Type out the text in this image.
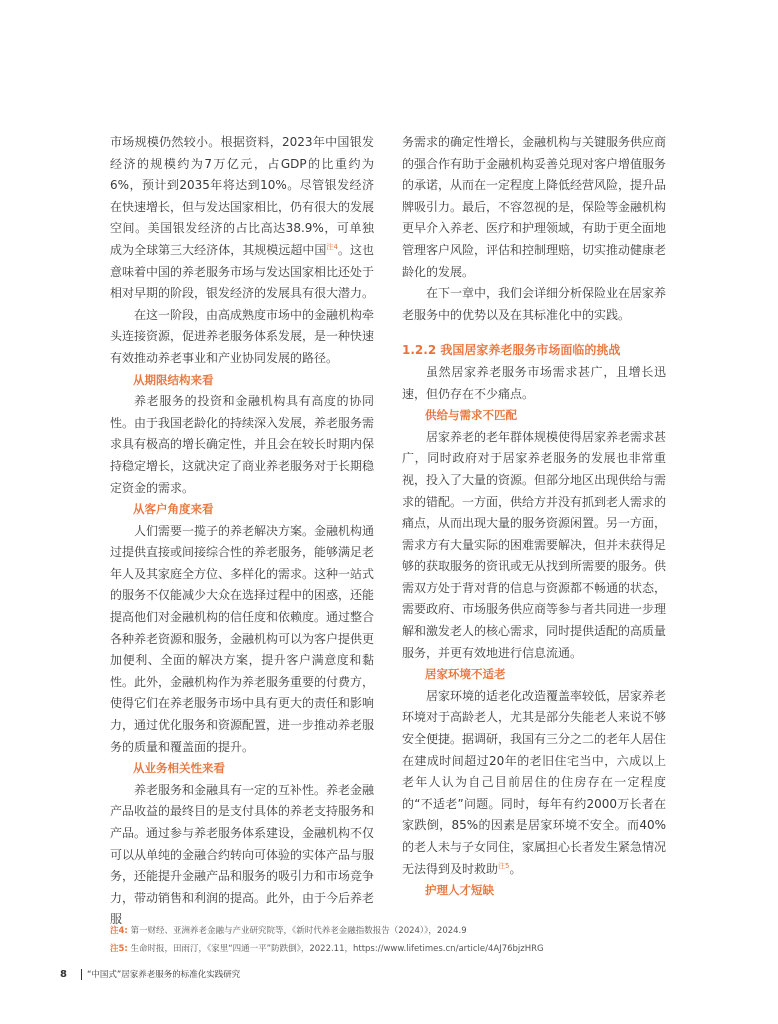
市场规模仍然较小。根据资料，2023年中国银发经济的规模约为7万亿元，占GDP的比重约为6%，预计到2035年将达到10%。尽管银发经济在快速增长，但与发达国家相比，仍有很大的发展空间。美国银发经济的占比高达38.9%，可单独成为全球第三大经济体，其规模远超中国$^{注4}$。这也意味着中国的养老服务市场与发达国家相比还处于相对早期的阶段，银发经济的发展具有很大潜力。

在这一阶段，由高成熟度市场中的金融机构牵头连接资源，促进养老服务体系发展，是一种快速有效推动养老事业和产业协同发展的路径。

从期限结构来看

养老服务的投资和金融机构具有高度的协同性。由于我国老龄化的持续深入发展，养老服务需求具有极高的增长确定性，并且会在较长时期内保持稳定增长，这就决定了商业养老服务对于长期稳定资金的需求。

从客户角度来看

人们需要一揽子的养老解决方案。金融机构通过提供直接或间接综合性的养老服务，能够满足老年人及其家庭全方位、多样化的需求。这种一站式的服务不仅能减少大众在选择过程中的困惑，还能提高他们对金融机构的信任度和依赖度。通过整合各种养老资源和服务，金融机构可以为客户提供更加便利、全面的解决方案，提升客户满意度和黏性。此外，金融机构作为养老服务重要的付费方，使得它们在养老服务市场中具有更大的责任和影响力，通过优化服务和资源配置，进一步推动养老服务的质量和覆盖面的提升。

从业务相关性来看

养老服务和金融具有一定的互补性。养老金融产品收益的最终目的是支付具体的养老支持服务和产品。通过参与养老服务体系建设，金融机构不仅可以从单纯的金融合约转向可体验的实体产品与服务，还能提升金融产品和服务的吸引力和市场竞争力，带动销售和利润的提高。此外，由于今后养老服

务需求的确定性增长，金融机构与关键服务供应商的强合作有助于金融机构妥善兑现对客户增值服务的承诺，从而在一定程度上降低经营风险，提升品牌吸引力。最后，不容忽视的是，保险等金融机构更早介入养老、医疗和护理领域，有助于更全面地管理客户风险，评估和控制理赔，切实推动健康老龄化的发展。

在下一章中，我们会详细分析保险业在居家养老服务中的优势以及在其标准化中的实践。

1.2.2 我国居家养老服务市场面临的挑战

虽然居家养老服务市场需求甚广，且增长迅速，但仍存在不少痛点。

供给与需求不匹配

居家养老的老年群体规模使得居家养老需求甚广，同时政府对于居家养老服务的发展也非常重视，投入了大量的资源。但部分地区出现供给与需求的错配。一方面，供给方并没有抓到老人需求的痛点，从而出现大量的服务资源闲置。另一方面，需求方有大量实际的困难需要解决，但并未获得足够的获取服务的资讯或无从找到所需要的服务。供需双方处于背对背的信息与资源都不畅通的状态，需要政府、市场服务供应商等参与者共同进一步理解和激发老人的核心需求，同时提供适配的高质量服务，并更有效地进行信息流通。

居家环境不适老

居家环境的适老化改造覆盖率较低，居家养老环境对于高龄老人，尤其是部分失能老人来说不够安全便捷。据调研，我国有三分之二的老年人居住在建成时间超过20年的老旧住宅当中，六成以上老年人认为自己目前居住的住房存在一定程度的“不适老”问题。同时，每年有约2000万长者在家跌倒，85%的因素是居家环境不安全。而40%的老人未与子女同住，家属担心长者发生紧急情况无法得到及时救助$^{注5}$。

护理人才短缺
注4: 第一财经、亚洲养老金融与产业研究院等，《新时代养老金融指数报告（2024）》，2024.9
注5: 生命时报，田雨汀，《家里“四通一平”防跌倒》，2022.11，https://www.lifetimes.cn/article/4AJ76bjzHRG
8 “中国式”居家养老服务的标准化实践研究
